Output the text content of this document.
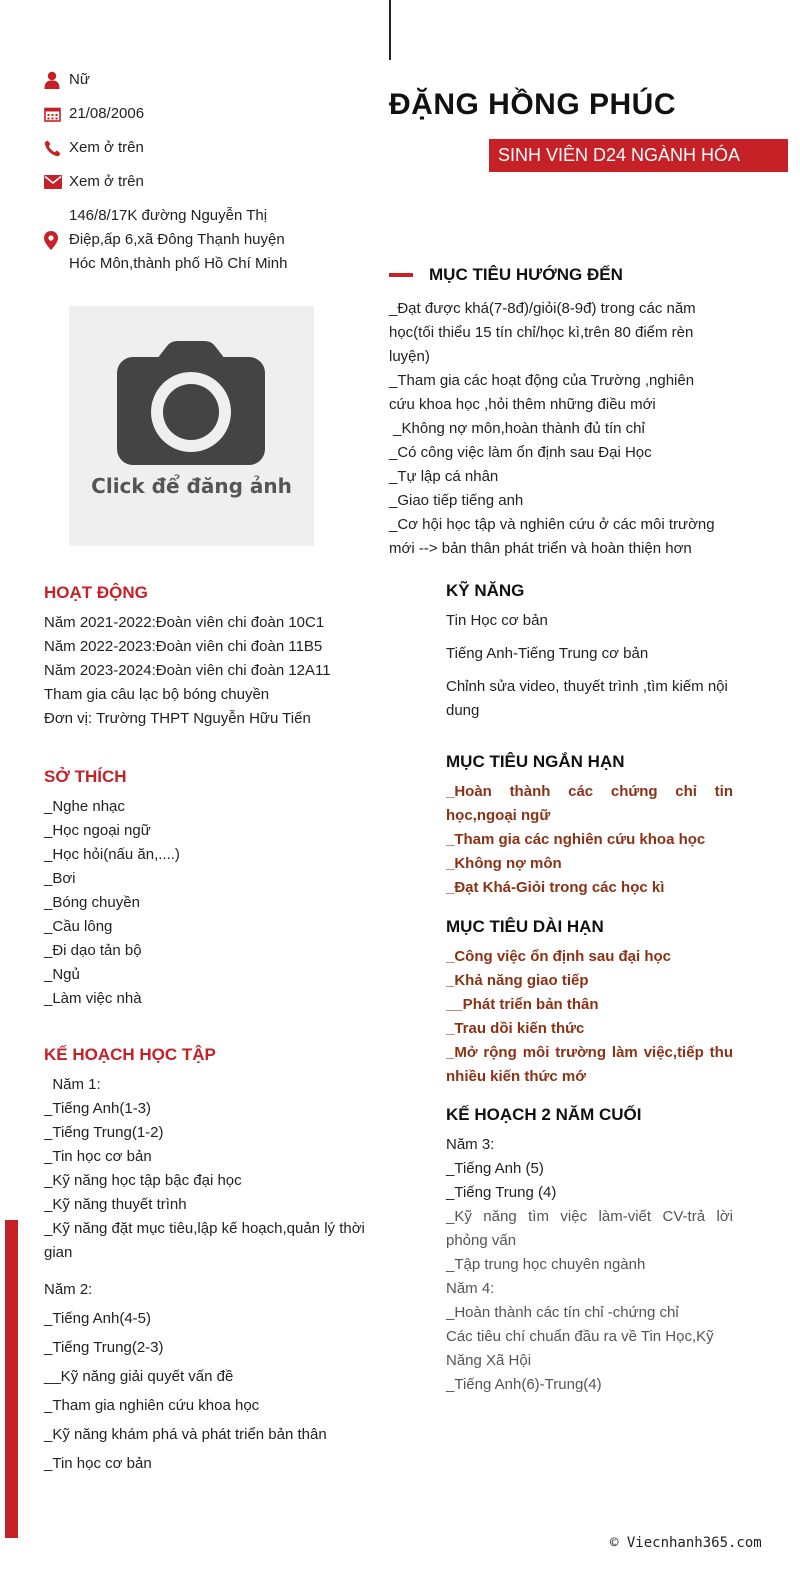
Nữ
21/08/2006
Xem ở trên
Xem ở trên
146/8/17K đường Nguyễn Thị
Điệp,ấp 6,xã Đông Thạnh huyện
Hóc Môn,thành phố Hồ Chí Minh
Click để đăng ảnh
ĐẶNG HỒNG PHÚC
SINH VIÊN D24 NGÀNH HÓA
MỤC TIÊU HƯỚNG ĐẾN
_Đạt được khá(7-8đ)/giỏi(8-9đ) trong các năm
học(tối thiểu 15 tín chỉ/học kì,trên 80 điểm rèn
luyện)
_Tham gia các hoạt động của Trường ,nghiên
cứu khoa học ,hỏi thêm những điều mới
_Không nợ môn,hoàn thành đủ tín chỉ
_Có công việc làm ổn định sau Đại Học
_Tự lập cá nhân
_Giao tiếp tiếng anh
_Cơ hội học tập và nghiên cứu ở các môi trường
mới --> bản thân phát triển và hoàn thiện hơn
HOẠT ĐỘNG
Năm 2021-2022:Đoàn viên chi đoàn 10C1
Năm 2022-2023:Đoàn viên chi đoàn 11B5
Năm 2023-2024:Đoàn viên chi đoàn 12A11
Tham gia câu lạc bộ bóng chuyền
Đơn vị: Trường THPT Nguyễn Hữu Tiến
SỞ THÍCH
_Nghe nhạc
_Học ngoại ngữ
_Học hỏi(nấu ăn,....)
_Bơi
_Bóng chuyền
_Cầu lông
_Đi dạo tản bộ
_Ngủ
_Làm việc nhà
KẾ HOẠCH HỌC TẬP
Năm 1:
_Tiếng Anh(1-3)
_Tiếng Trung(1-2)
_Tin học cơ bản
_Kỹ năng học tập bậc đại học
_Kỹ năng thuyết trình
_Kỹ năng đặt mục tiêu,lập kế hoạch,quản lý thời gian
Năm 2:
_Tiếng Anh(4-5)
_Tiếng Trung(2-3)
__Kỹ năng giải quyết vấn đề
_Tham gia nghiên cứu khoa học
_Kỹ năng khám phá và phát triển bản thân
_Tin học cơ bản
KỸ NĂNG

Tin Học cơ bản

Tiếng Anh-Tiếng Trung cơ bản

Chỉnh sửa video, thuyết trình ,tìm kiếm nội dung

MỤC TIÊU NGẮN HẠN
_Hoàn thành các chứng chỉ tin học,ngoại ngữ
_Tham gia các nghiên cứu khoa học
_Không nợ môn
_Đạt Khá-Giỏi trong các học kì
MỤC TIÊU DÀI HẠN
_Công việc ổn định sau đại học
_Khả năng giao tiếp
__Phát triển bản thân
_Trau dồi kiến thức
_Mở rộng môi trường làm việc,tiếp thu nhiều kiến thức mớ
KẾ HOẠCH 2 NĂM CUỐI
Năm 3:
_Tiếng Anh (5)
_Tiếng Trung (4)
_Kỹ năng tìm việc làm-viết CV-trả lời phỏng vấn
_Tập trung học chuyên ngành
Năm 4:
_Hoàn thành các tín chỉ -chứng chỉ
Các tiêu chí chuẩn đầu ra về Tin Học,Kỹ Năng Xã Hội
_Tiếng Anh(6)-Trung(4)
© Viecnhanh365.com
